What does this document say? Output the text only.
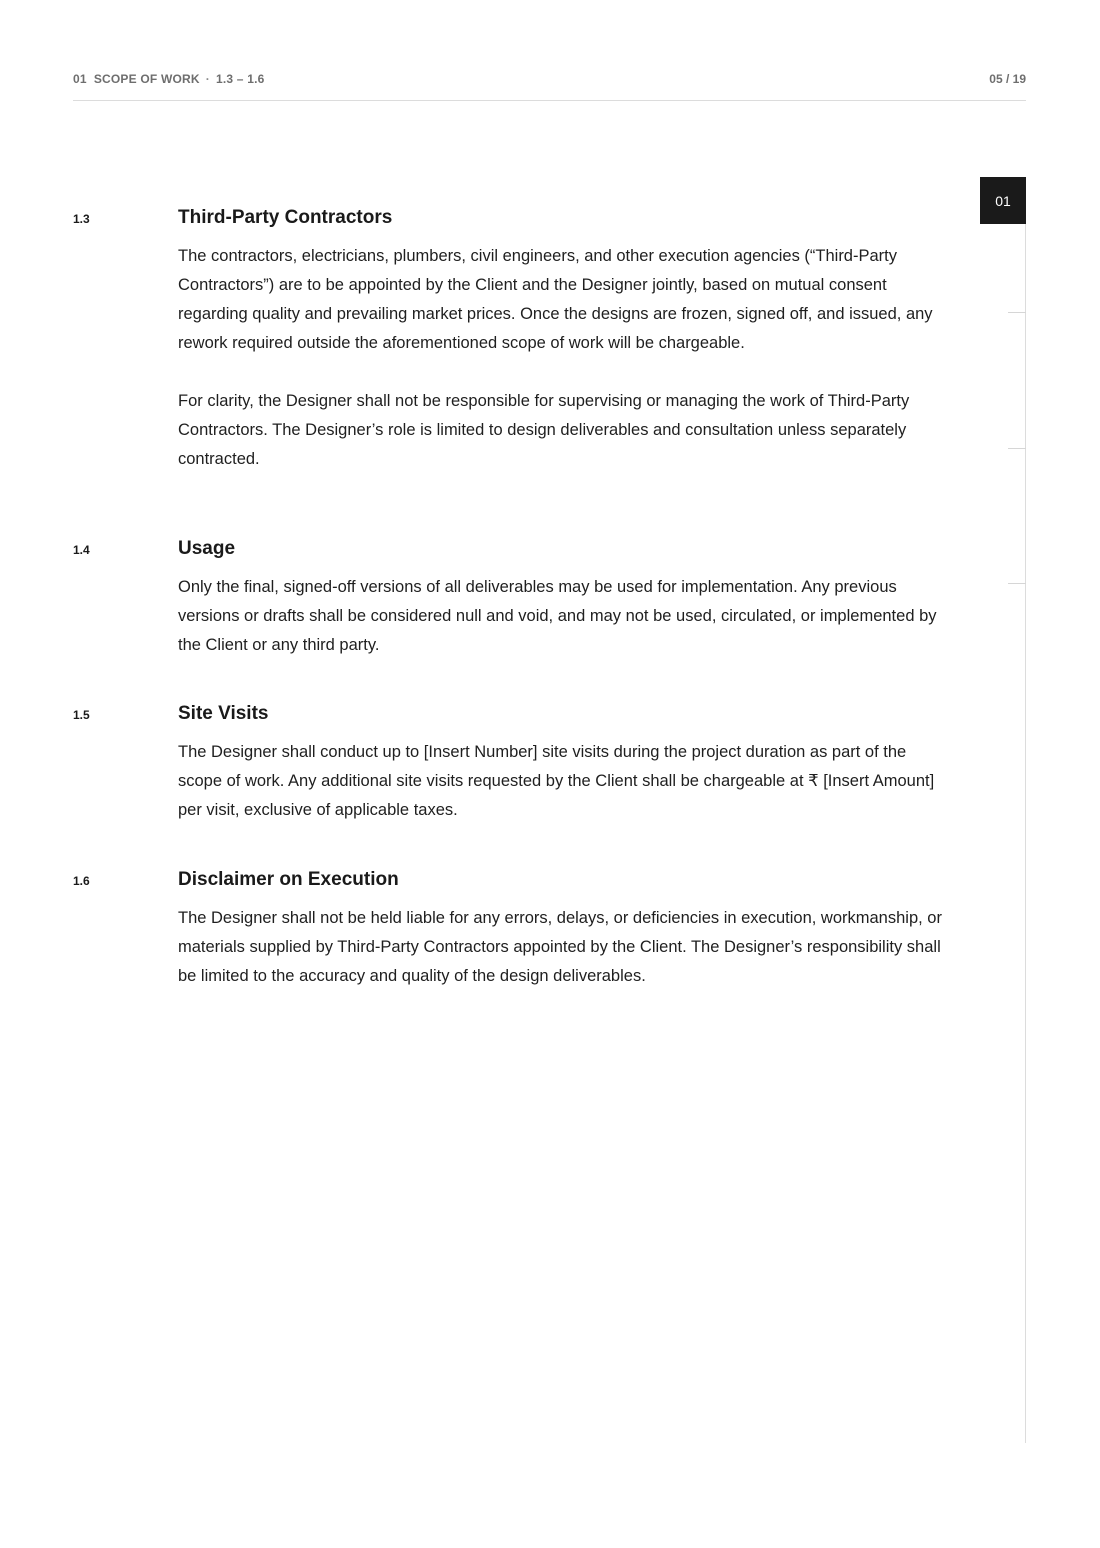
01 SCOPE OF WORK · 1.3 – 1.6	05 / 19
01
1.3	Third-Party Contractors

The contractors, electricians, plumbers, civil engineers, and other execution agencies (“Third-Party Contractors”) are to be appointed by the Client and the Designer jointly, based on mutual consent regarding quality and prevailing market prices. Once the designs are frozen, signed off, and issued, any rework required outside the aforementioned scope of work will be chargeable.

For clarity, the Designer shall not be responsible for supervising or managing the work of Third-Party Contractors. The Designer’s role is limited to design deliverables and consultation unless separately contracted.

1.4	Usage

Only the final, signed-off versions of all deliverables may be used for implementation. Any previous versions or drafts shall be considered null and void, and may not be used, circulated, or implemented by the Client or any third party.

1.5	Site Visits

The Designer shall conduct up to [Insert Number] site visits during the project duration as part of the scope of work. Any additional site visits requested by the Client shall be chargeable at ₹ [Insert Amount] per visit, exclusive of applicable taxes.

1.6	Disclaimer on Execution

The Designer shall not be held liable for any errors, delays, or deficiencies in execution, workmanship, or materials supplied by Third-Party Contractors appointed by the Client. The Designer’s responsibility shall be limited to the accuracy and quality of the design deliverables.
